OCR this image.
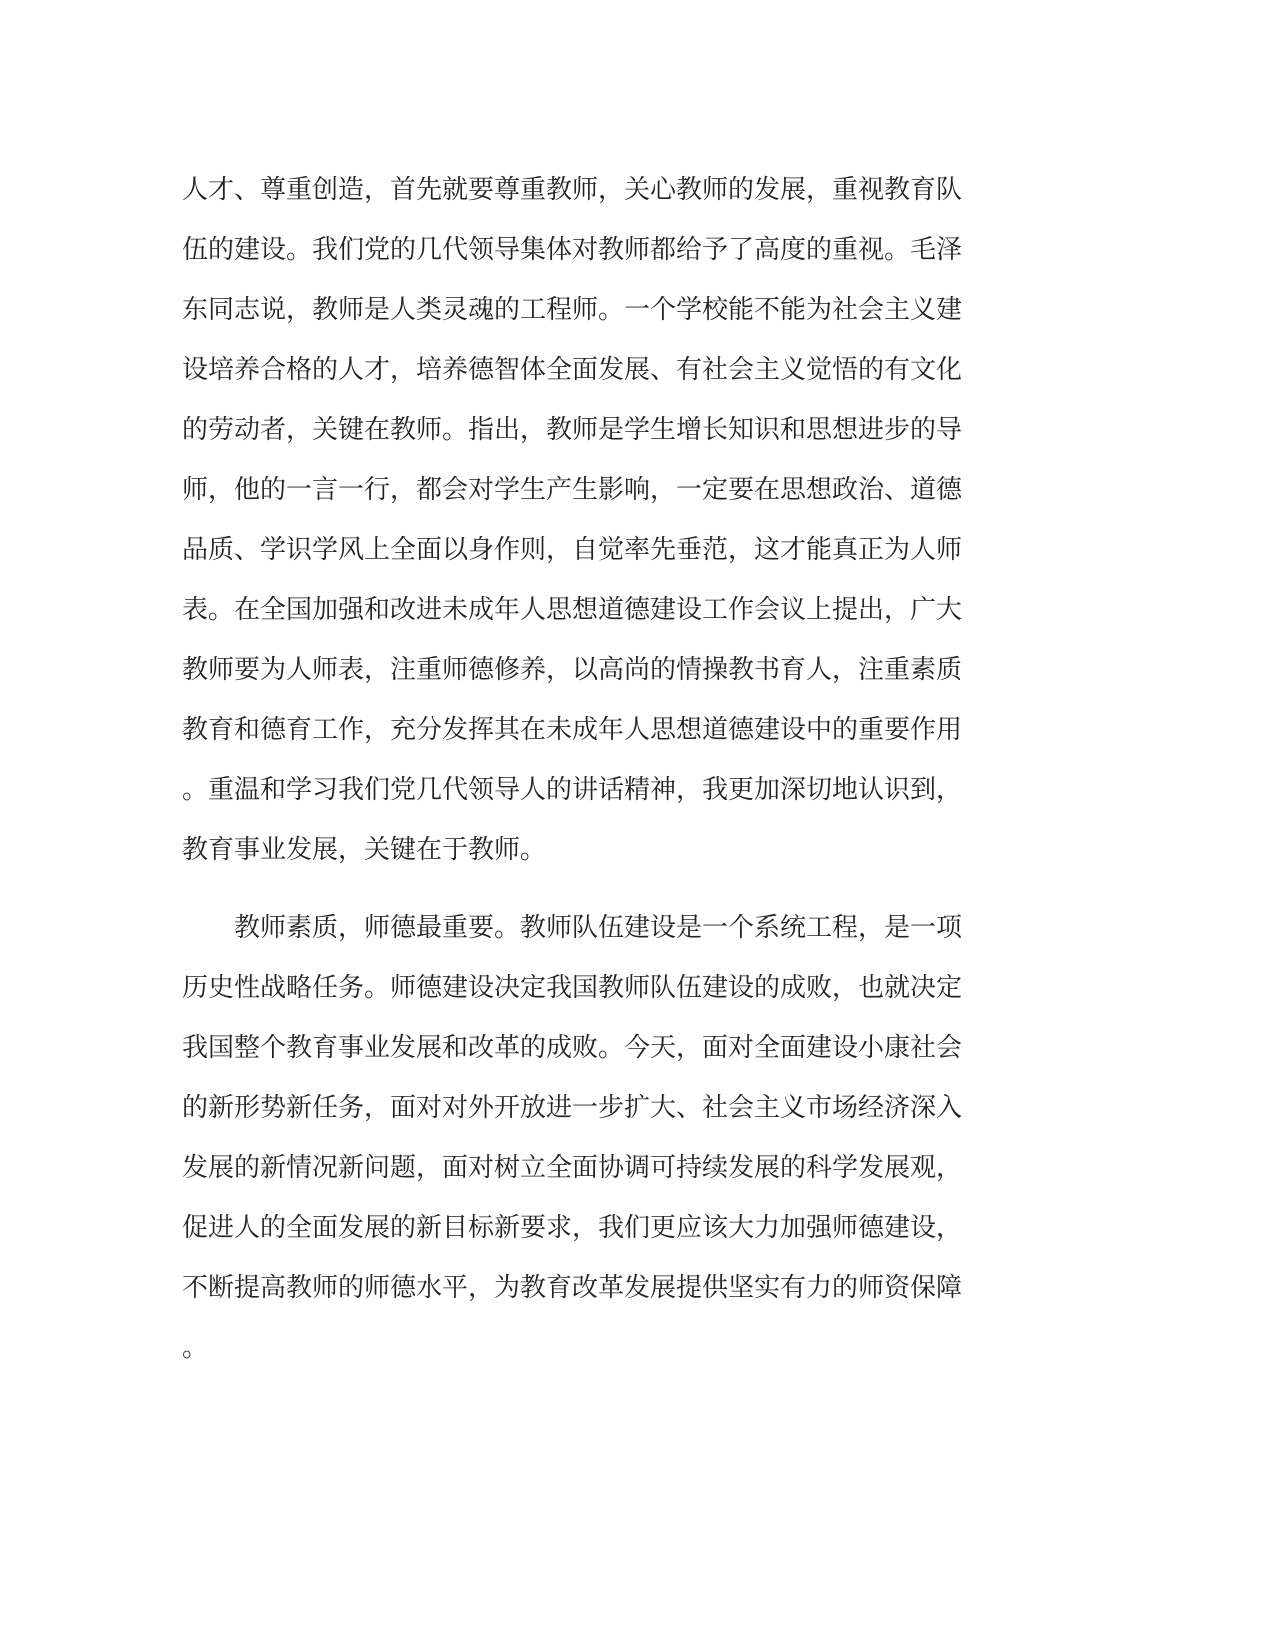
人才、尊重创造，首先就要尊重教师，关心教师的发展，重视教育队
伍的建设。我们党的几代领导集体对教师都给予了高度的重视。毛泽
东同志说，教师是人类灵魂的工程师。一个学校能不能为社会主义建
设培养合格的人才，培养德智体全面发展、有社会主义觉悟的有文化
的劳动者，关键在教师。指出，教师是学生增长知识和思想进步的导
师，他的一言一行，都会对学生产生影响，一定要在思想政治、道德
品质、学识学风上全面以身作则，自觉率先垂范，这才能真正为人师
表。在全国加强和改进未成年人思想道德建设工作会议上提出，广大
教师要为人师表，注重师德修养，以高尚的情操教书育人，注重素质
教育和德育工作，充分发挥其在未成年人思想道德建设中的重要作用
。重温和学习我们党几代领导人的讲话精神，我更加深切地认识到，
教育事业发展，关键在于教师。
　　教师素质，师德最重要。教师队伍建设是一个系统工程，是一项
历史性战略任务。师德建设决定我国教师队伍建设的成败，也就决定
我国整个教育事业发展和改革的成败。今天，面对全面建设小康社会
的新形势新任务，面对对外开放进一步扩大、社会主义市场经济深入
发展的新情况新问题，面对树立全面协调可持续发展的科学发展观，
促进人的全面发展的新目标新要求，我们更应该大力加强师德建设，
不断提高教师的师德水平，为教育改革发展提供坚实有力的师资保障
。
